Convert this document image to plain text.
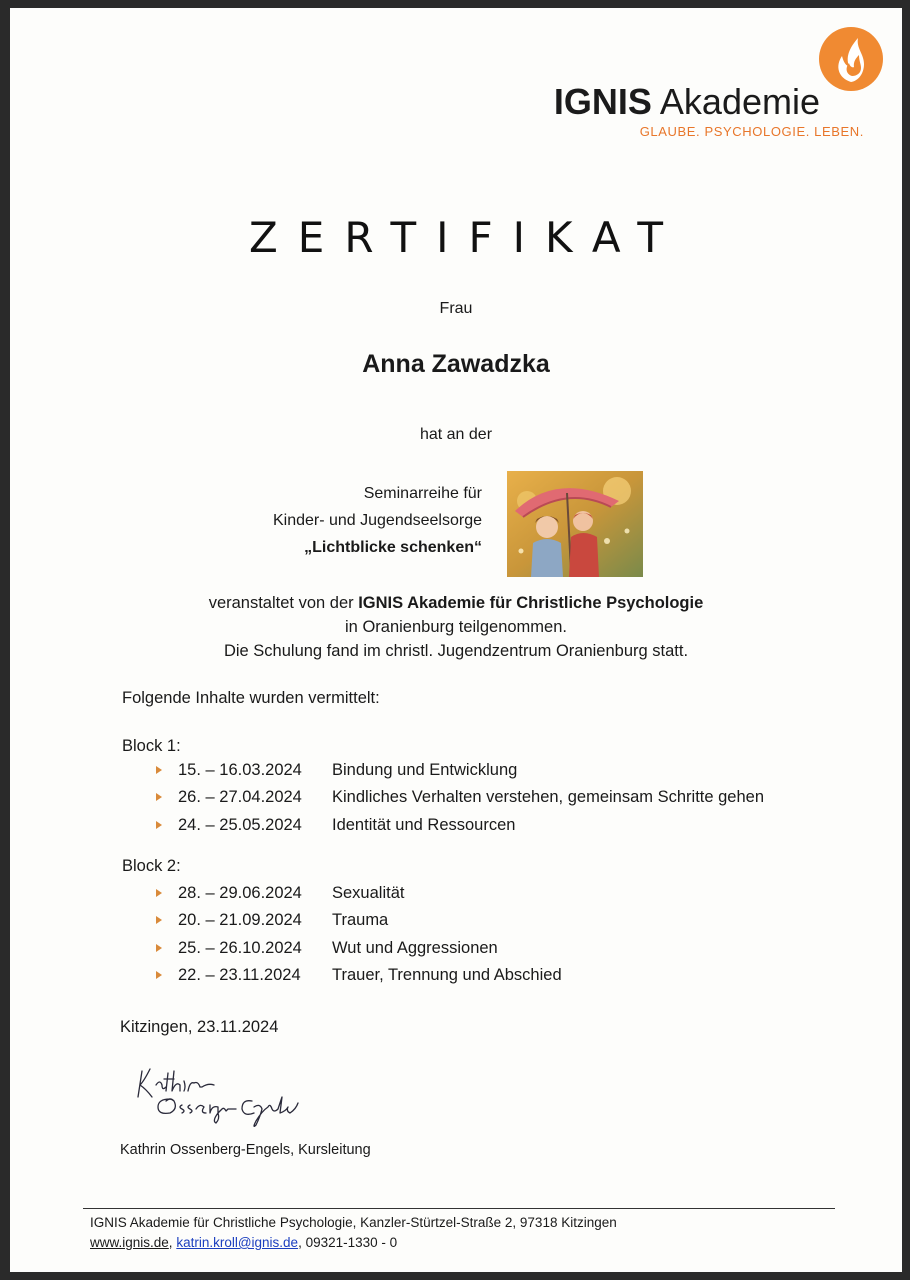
IGNIS Akademie
GLAUBE. PSYCHOLOGIE. LEBEN.
ZERTIFIKAT
Frau
Anna Zawadzka
hat an der
Seminarreihe für
Kinder- und Jugendseelsorge
„Lichtblicke schenken“
veranstaltet von der IGNIS Akademie für Christliche Psychologie
in Oranienburg teilgenommen.
Die Schulung fand im christl. Jugendzentrum Oranienburg statt.
Folgende Inhalte wurden vermittelt:
Block 1:
15. – 16.03.2024 Bindung und Entwicklung
26. – 27.04.2024 Kindliches Verhalten verstehen, gemeinsam Schritte gehen
24. – 25.05.2024 Identität und Ressourcen
Block 2:
28. – 29.06.2024 Sexualität
20. – 21.09.2024 Trauma
25. – 26.10.2024 Wut und Aggressionen
22. – 23.11.2024 Trauer, Trennung und Abschied
Kitzingen, 23.11.2024
Kathrin Ossenberg-Engels, Kursleitung
IGNIS Akademie für Christliche Psychologie, Kanzler-Stürtzel-Straße 2, 97318 Kitzingen
www.ignis.de, katrin.kroll@ignis.de, 09321-1330 - 0
